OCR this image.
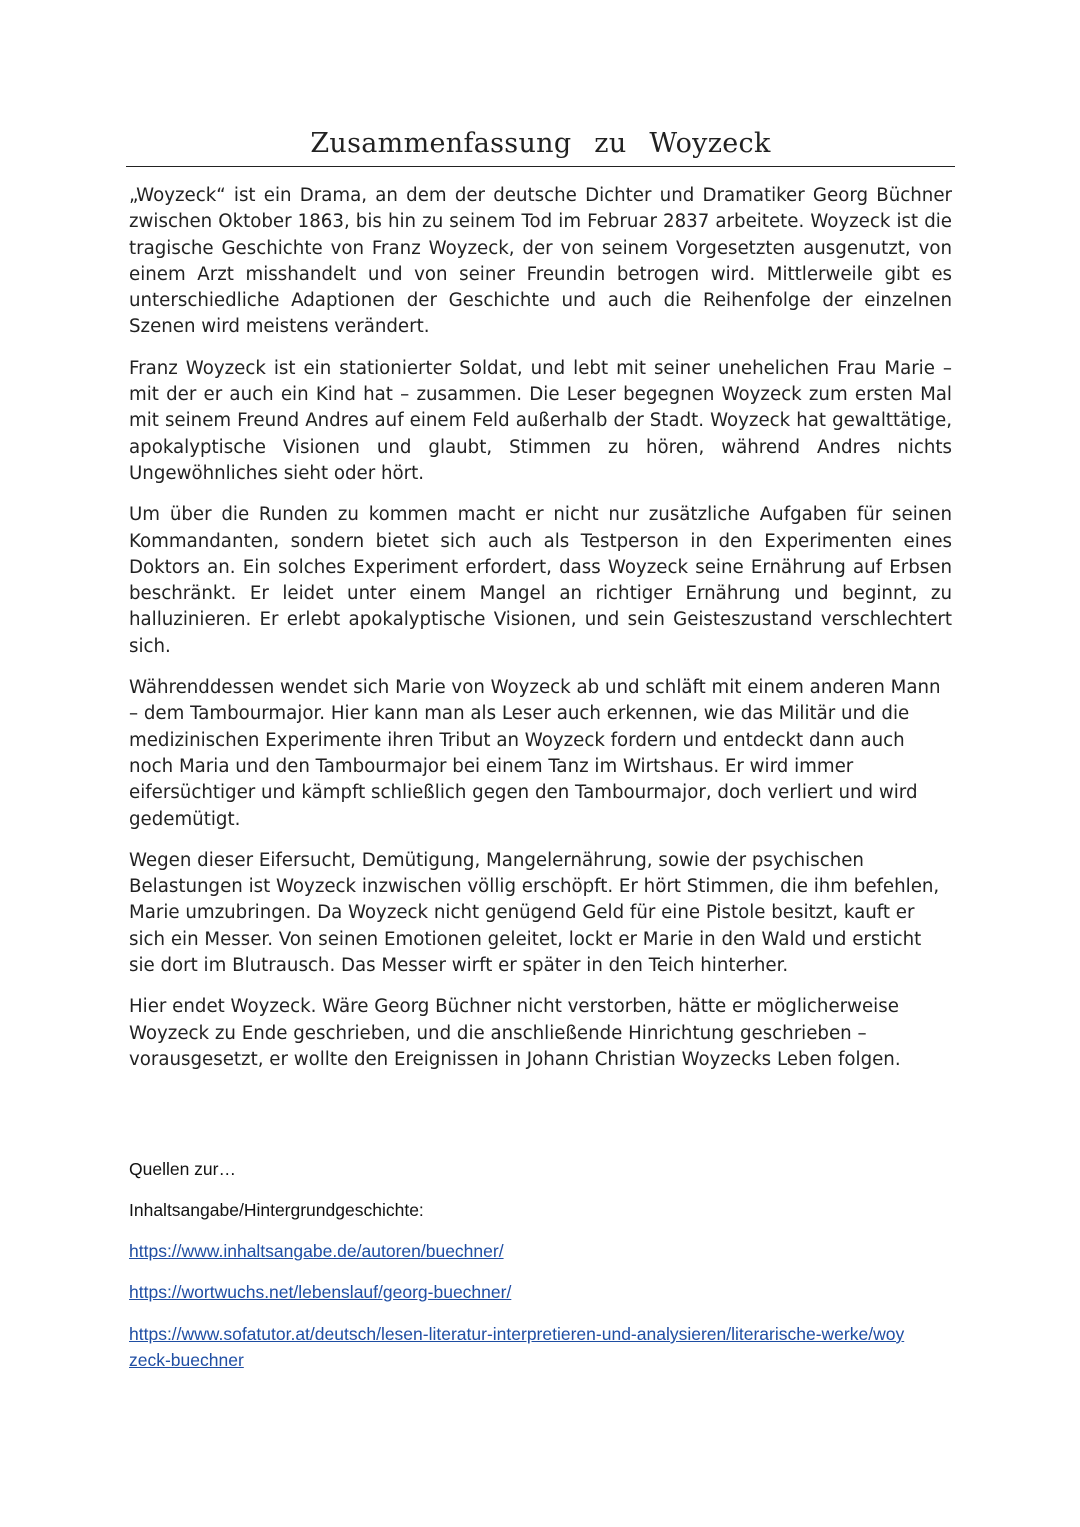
Zusammenfassung zu Woyzeck

„Woyzeck“ ist ein Drama, an dem der deutsche Dichter und Dramatiker Georg Büchner zwischen Oktober 1863, bis hin zu seinem Tod im Februar 2837 arbeitete. Woyzeck ist die tragische Geschichte von Franz Woyzeck, der von seinem Vorgesetzten ausgenutzt, von einem Arzt misshandelt und von seiner Freundin betrogen wird. Mittlerweile gibt es unterschiedliche Adaptionen der Geschichte und auch die Reihenfolge der einzelnen Szenen wird meistens verändert.

Franz Woyzeck ist ein stationierter Soldat, und lebt mit seiner unehelichen Frau Marie – mit der er auch ein Kind hat – zusammen. Die Leser begegnen Woyzeck zum ersten Mal mit seinem Freund Andres auf einem Feld außerhalb der Stadt. Woyzeck hat gewalttätige, apokalyptische Visionen und glaubt, Stimmen zu hören, während Andres nichts Ungewöhnliches sieht oder hört.

Um über die Runden zu kommen macht er nicht nur zusätzliche Aufgaben für seinen Kommandanten, sondern bietet sich auch als Testperson in den Experimenten eines Doktors an. Ein solches Experiment erfordert, dass Woyzeck seine Ernährung auf Erbsen beschränkt. Er leidet unter einem Mangel an richtiger Ernährung und beginnt, zu halluzinieren. Er erlebt apokalyptische Visionen, und sein Geisteszustand verschlechtert sich.

Währenddessen wendet sich Marie von Woyzeck ab und schläft mit einem anderen Mann – dem Tambourmajor. Hier kann man als Leser auch erkennen, wie das Militär und die medizinischen Experimente ihren Tribut an Woyzeck fordern und entdeckt dann auch noch Maria und den Tambourmajor bei einem Tanz im Wirtshaus. Er wird immer eifersüchtiger und kämpft schließlich gegen den Tambourmajor, doch verliert und wird gedemütigt.

Wegen dieser Eifersucht, Demütigung, Mangelernährung, sowie der psychischen Belastungen ist Woyzeck inzwischen völlig erschöpft. Er hört Stimmen, die ihm befehlen, Marie umzubringen. Da Woyzeck nicht genügend Geld für eine Pistole besitzt, kauft er sich ein Messer. Von seinen Emotionen geleitet, lockt er Marie in den Wald und ersticht sie dort im Blutrausch. Das Messer wirft er später in den Teich hinterher.

Hier endet Woyzeck. Wäre Georg Büchner nicht verstorben, hätte er möglicherweise Woyzeck zu Ende geschrieben, und die anschließende Hinrichtung geschrieben – vorausgesetzt, er wollte den Ereignissen in Johann Christian Woyzecks Leben folgen.

Quellen zur…
Inhaltsangabe/Hintergrundgeschichte:
https://www.inhaltsangabe.de/autoren/buechner/
https://wortwuchs.net/lebenslauf/georg-buechner/
https://www.sofatutor.at/deutsch/lesen-literatur-interpretieren-und-analysieren/literarische-werke/woyzeck-buechner
